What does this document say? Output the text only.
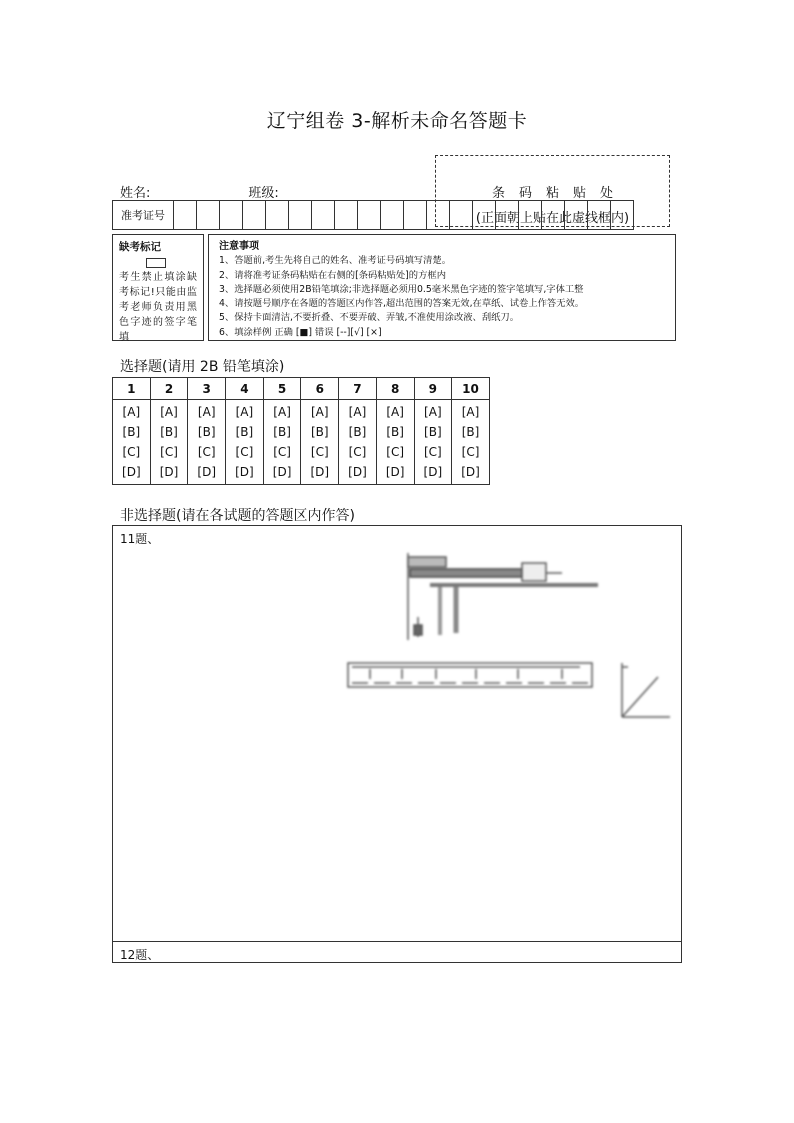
辽宁组卷 3-解析未命名答题卡
条码粘贴处
(正面朝上贴在此虚线框内)
姓名:	班级:
准考证号
缺考标记
考生禁止填涂缺考标记!只能由监考老师负责用黑色字迹的签字笔填
注意事项
1、答题前,考生先将自己的姓名、准考证号码填写清楚。
2、请将准考证条码粘贴在右侧的[条码粘贴处]的方框内
3、选择题必须使用2B铅笔填涂;非选择题必须用0.5毫米黑色字迹的签字笔填写,字体工整
4、请按题号顺序在各题的答题区内作答,超出范围的答案无效,在草纸、试卷上作答无效。
5、保持卡面清洁,不要折叠、不要弄破、弄皱,不准使用涂改液、刮纸刀。
6、填涂样例 正确 [■] 错误 [--][√] [×]
选择题(请用 2B 铅笔填涂)
1	2	3	4	5	6	7	8	9	10
[A]	[A]	[A]	[A]	[A]	[A]	[A]	[A]	[A]	[A]
[B]	[B]	[B]	[B]	[B]	[B]	[B]	[B]	[B]	[B]
[C]	[C]	[C]	[C]	[C]	[C]	[C]	[C]	[C]	[C]
[D]	[D]	[D]	[D]	[D]	[D]	[D]	[D]	[D]	[D]
非选择题(请在各试题的答题区内作答)
11题、
12题、
